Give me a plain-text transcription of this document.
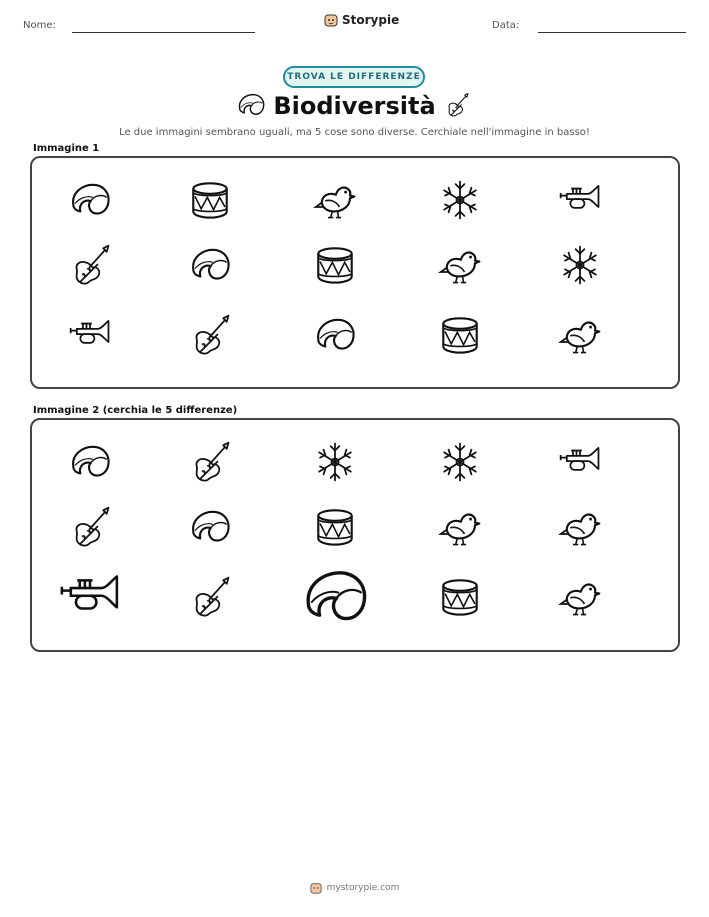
Nome:	Storypie	Data:
TROVA LE DIFFERENZE
Biodiversità
Le due immagini sembrano uguali, ma 5 cose sono diverse. Cerchiale nell'immagine in basso!
Immagine 1
Immagine 2 (cerchia le 5 differenze)
mystorypie.com
